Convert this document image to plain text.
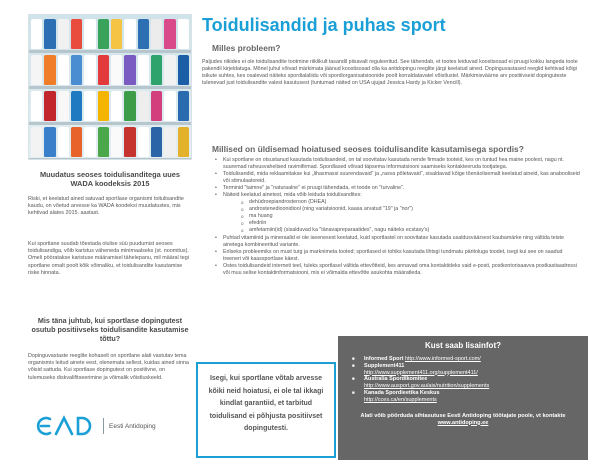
Muudatus seoses toidulisanditega uues WADA koodeksis 2015
Riski, et keelatud ained satuvad sportlase organismi toitulisandite kaudu, on võetud arvesse ka WADA koodeksi muudatustes, mis kehtivad alates 2015. aastast.
Kui sportlane suudab tõestada olulise süü puudumist seoses toidulisandiga, võib karistus väheneda minimaalseks (st. noomitus). Omeli pöörataksе karistuse määramisel tähelepanu, mil määral tegi sportlane omalt poolt kõik võimaliku, et toidulisandite kasutamise riske hinnata.
Mis täna juhtub, kui sportlase dopingutest osutub positiivseks toidulisandite kasutamise tõttu?
Dopinguvastaste reeglite kohaselt on sportlane alati vastutav tema organismis leitud ainete eest, olenemata sellest, kuidas ained sinna võisid sattuda. Kui sportlase dopingutest on positiivne, on tulemuseks diskvalifitseerimine ja võimalik võistluskeeld.
Eesti Antidoping
Toidulisandid ja puhas sport
Milles probleem?
Paljudes riikides ei ole toidulisandite tootmine riiklikult tasandil piisavalt reguleeritud. See tähendab, et tootes leiduvad koostisosad ei pruugi kokku langeda toote pakendil kirjeldatuga. Mõnel juhul võivad märkimata jäänud koostisosad olla ka antidopingu reeglite järgi keelatud ained. Dopinguvastased reeglid kehtivad kõigi isikute suhtes, kes osalevad näiteks spordialaliidu või spordiorganisatsioonide poolt korraldatavatel võistlustel. Märkimisväärne arv positiivseid dopinguteste tulenevad just toidulisandite valest kasutusest (tuntumad näited on USA ujujad Jessica Hardy ja Kicker Vencill).
Millised on üldisemad hoiatused seoses toidulisandite kasutamisega spordis?
• Kui sportlane on otsustanud kasutada toidulisandeid, on tal soovitatav kasutada nende firmade tooteid, kes on tuntud hea maine poolest, nagu nt. suuremad rahvusvahelised ravimifirmad. Spordlased võivad täpsema informatsiooni saamiseks kontakteeruda tootjatega.
• Toidulisandid, mida reklaamitakse kui „lihasmassi suurendavaid“ ja „rasva põletavaid“, sisaldavad kõige tõenäolisemalt keelatud aineid, kas anabooliseid või stimulaatoreid.
• Terminid "taimne" ja "naturaalne" ei pruugi tähendada, et toode on "turvaline".
• Näiteid keelatud ainetest, mida võib leiduda toidulisandites:
o dehüdroepiandrosteroon (DHEA)
o androstenedioonidiool (ning variatsioonid, kaasa arvatud "19" ja "nor")
o ma huang
o efedriin
o amfetamiin(id) (sisalduvad ka "tänavapreparaatides", nagu näiteks ecstasy's)
• Puhtad vitamiinid ja mineraalid ei ole iseenesest keelatud, kuid sportlastel on soovitatav kasutada usaldusväärsest kaubamärke ning vältida teiste ainetega kombineeritud variante.
• Erilseks probleemiks on must turg ja marknimeta tooted; sportlased ei tohiks kasutada lihtsgi tundmatu päritoluga toodet, isegi kui see on saadud treeneri või kaassportlase käest.
• Ostes toidulisandeid interneti teel, tuleks sportlasel vältida ettevõtteid, kes annavad oma kontaktideks vaid e-posti, postkontorisaavva postkastiaadressi või muu selise kontaktinformatsiooni, mis ei võimalda ettevõtte asukohta määratleda.
Isegi, kui sportlane võtab arvesse kõiki neid hoiatusi, ei ole tal ikkagi kindlat garantiid, et tarbitud toidulisand ei põhjusta positiivset dopingutesti.
Kust saab lisainfot?
■ Informed Sport http://www.informed-sport.com/
■ Supplement411
http://www.supplement411.org/supplement411/
■ Australia Spordikomitee
http://www.ausport.gov.au/ais/nutrition/supplements
■ Kanada Spordieetika Keskus
http://cces.ca/en/supplements
Alati võib pöörduda sihtasutuse Eesti Antidoping töötajate poole, vt kontakte www.antidoping.ee
